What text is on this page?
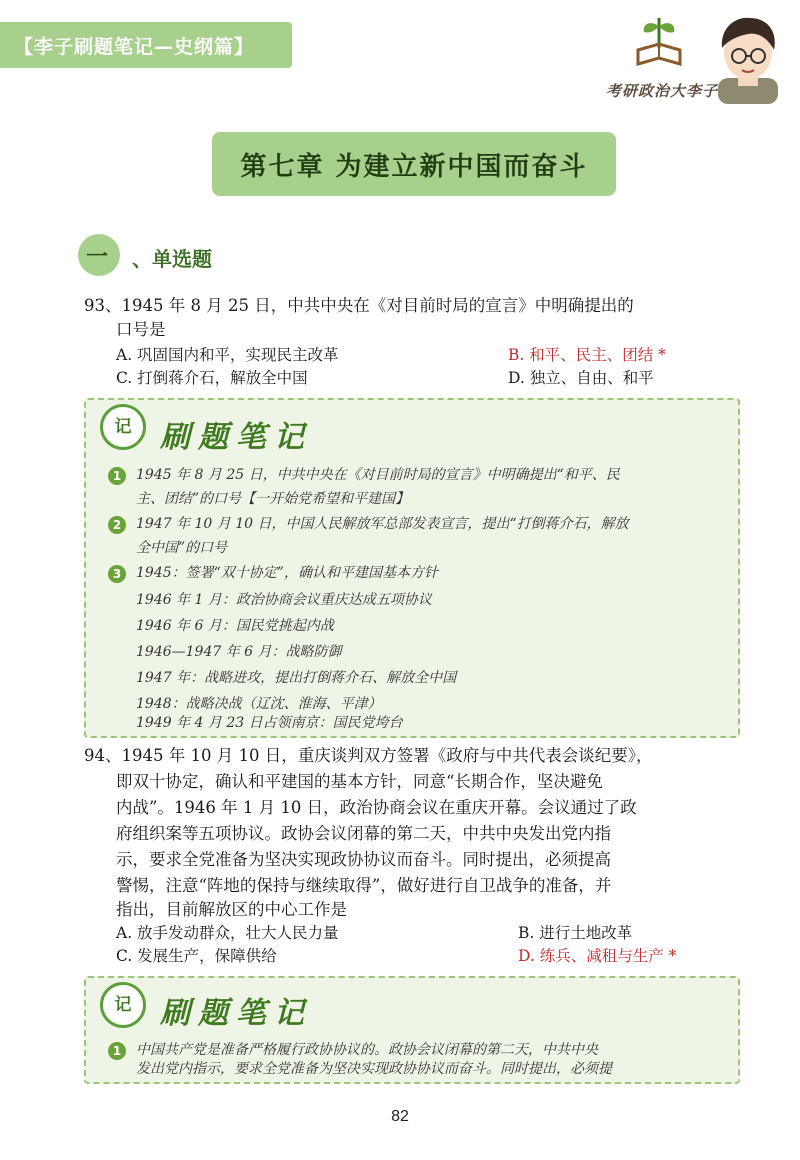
【李子刷题笔记—史纲篇】
考研政治大李子
第七章 为建立新中国而奋斗
一 、单选题
93、1945 年 8 月 25 日，中共中央在《对目前时局的宣言》中明确提出的
口号是
A. 巩固国内和平，实现民主改革	B. 和平、民主、团结 *
C. 打倒蒋介石，解放全中国	D. 独立、自由、和平
记 刷题笔记
1	1945 年 8 月 25 日，中共中央在《对目前时局的宣言》中明确提出“和平、民
主、团结”的口号【一开始党希望和平建国】
2	1947 年 10 月 10 日，中国人民解放军总部发表宣言，提出“打倒蒋介石，解放
全中国”的口号
3	1945：签署“双十协定”，确认和平建国基本方针
1946 年 1 月：政治协商会议重庆达成五项协议
1946 年 6 月：国民党挑起内战
1946—1947 年 6 月：战略防御
1947 年：战略进攻，提出打倒蒋介石、解放全中国
1948：战略决战（辽沈、淮海、平津）
1949 年 4 月 23 日占领南京：国民党垮台
94、1945 年 10 月 10 日，重庆谈判双方签署《政府与中共代表会谈纪要》，
即双十协定，确认和平建国的基本方针，同意“长期合作，坚决避免
内战”。1946 年 1 月 10 日，政治协商会议在重庆开幕。会议通过了政
府组织案等五项协议。政协会议闭幕的第二天，中共中央发出党内指
示，要求全党准备为坚决实现政协协议而奋斗。同时提出，必须提高
警惕，注意“阵地的保持与继续取得”，做好进行自卫战争的准备，并
指出，目前解放区的中心工作是
A. 放手发动群众，壮大人民力量	B. 进行土地改革
C. 发展生产，保障供给	D. 练兵、减租与生产 *
记 刷题笔记
1	中国共产党是准备严格履行政协协议的。政协会议闭幕的第二天，中共中央
发出党内指示，要求全党准备为坚决实现政协协议而奋斗。同时提出，必须提
82
